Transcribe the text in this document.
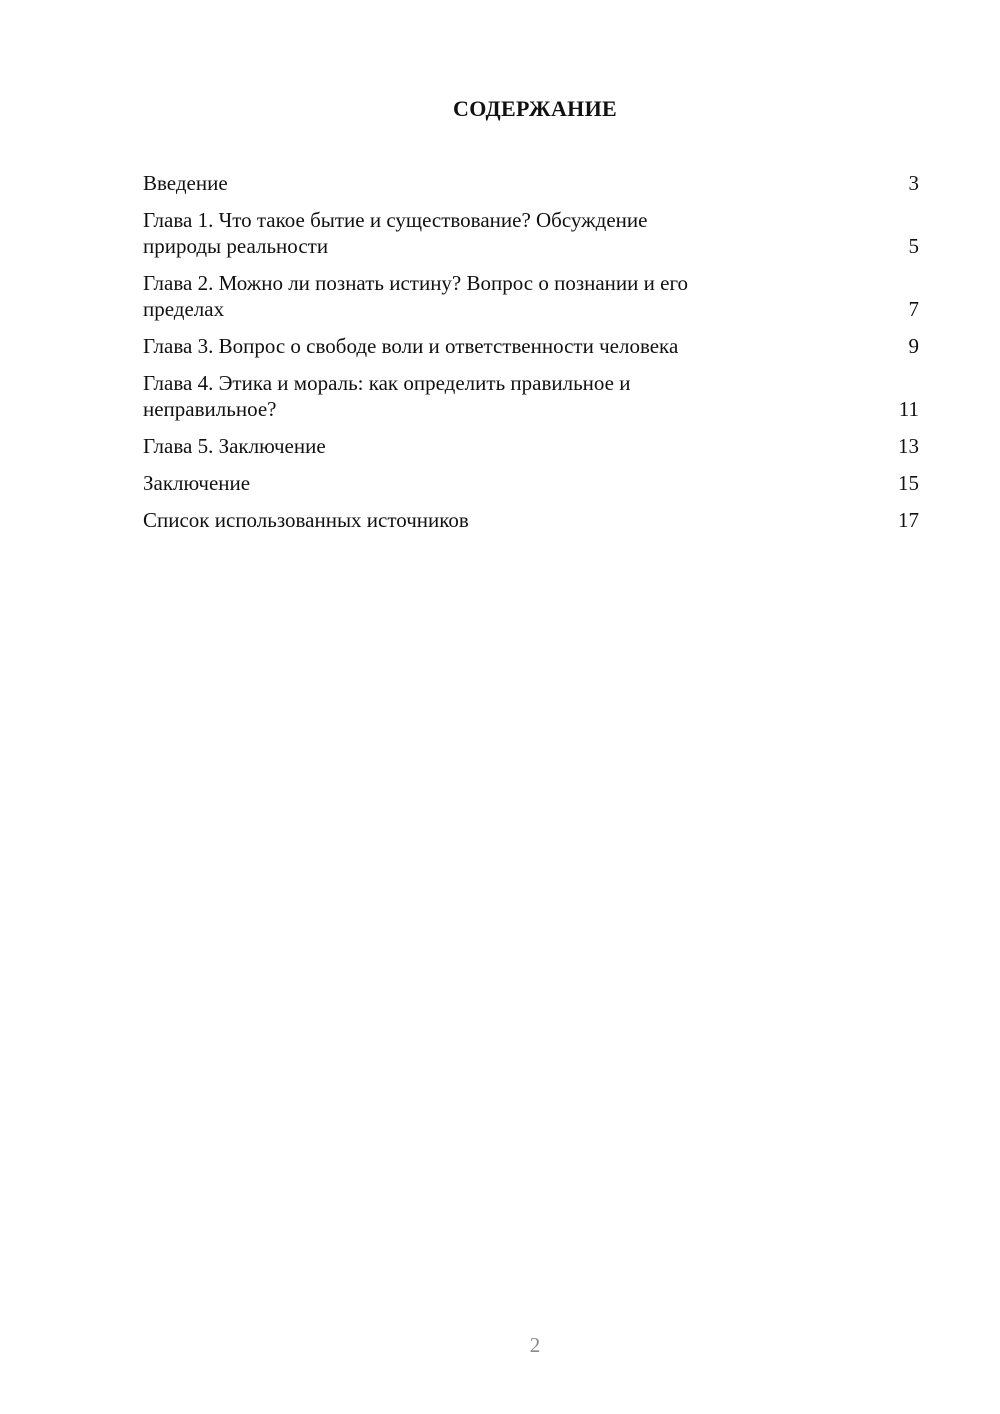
СОДЕРЖАНИЕ
Введение	3
Глава 1. Что такое бытие и существование? Обсуждение
природы реальности	5
Глава 2. Можно ли познать истину? Вопрос о познании и его
пределах	7
Глава 3. Вопрос о свободе воли и ответственности человека	9
Глава 4. Этика и мораль: как определить правильное и
неправильное?	11
Глава 5. Заключение	13
Заключение	15
Список использованных источников	17
2
